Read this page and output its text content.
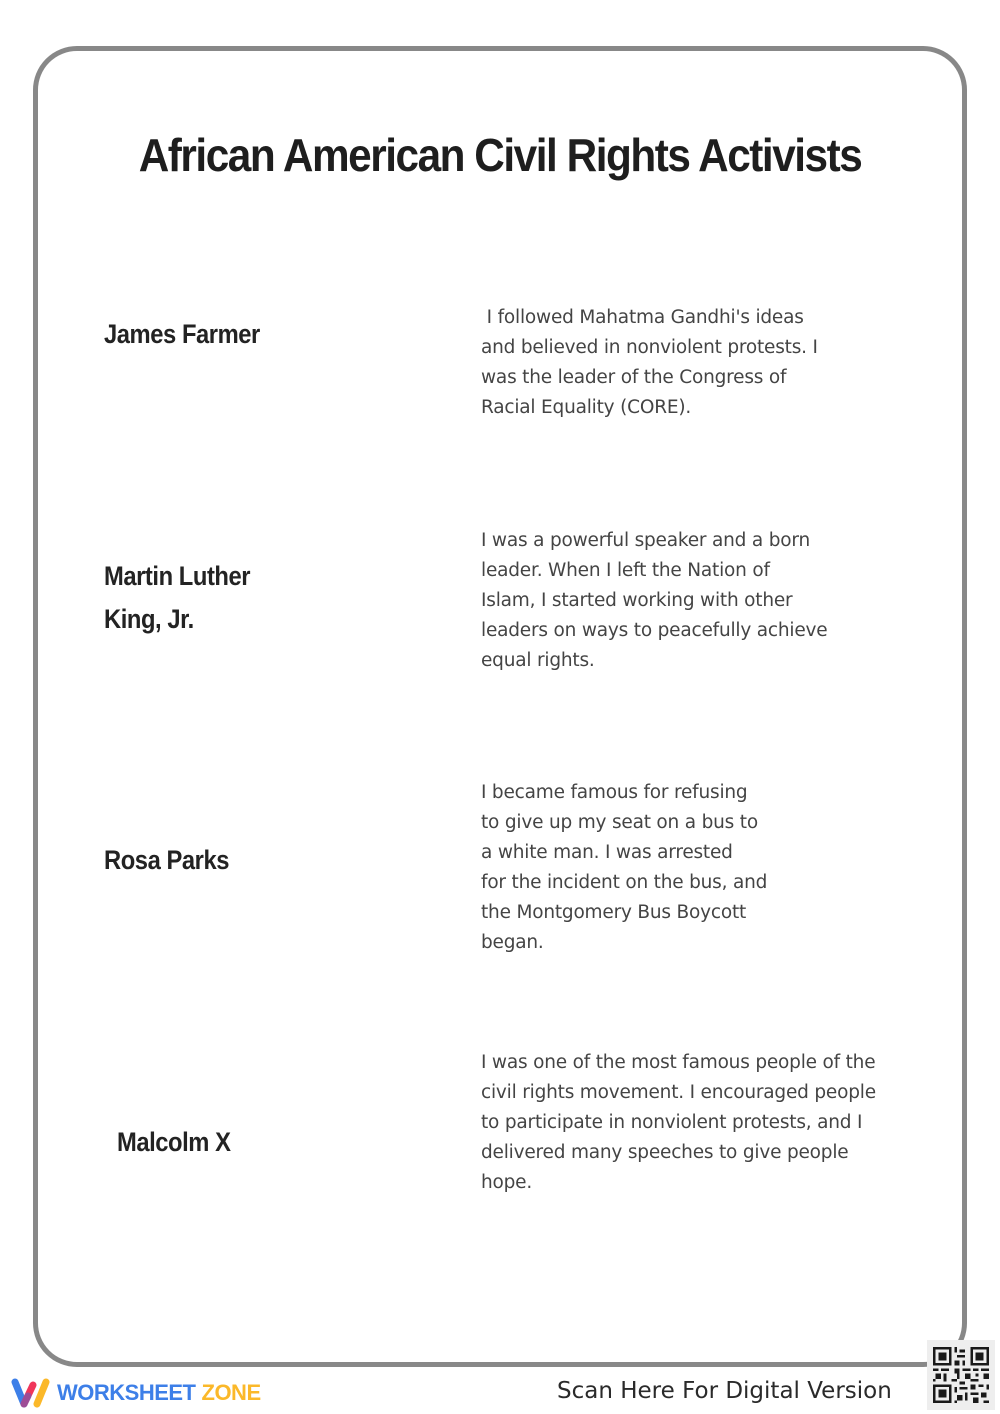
African American Civil Rights Activists
James Farmer
I followed Mahatma Gandhi's ideas
and believed in nonviolent protests. I
was the leader of the Congress of
Racial Equality (CORE).
Martin Luther
King, Jr.
I was a powerful speaker and a born
leader. When I left the Nation of
Islam, I started working with other
leaders on ways to peacefully achieve
equal rights.
Rosa Parks
I became famous for refusing
to give up my seat on a bus to
a white man. I was arrested
for the incident on the bus, and
the Montgomery Bus Boycott
began.
Malcolm X
I was one of the most famous people of the
civil rights movement. I encouraged people
to participate in nonviolent protests, and I
delivered many speeches to give people
hope.
WORKSHEET ZONE	Scan Here For Digital Version
